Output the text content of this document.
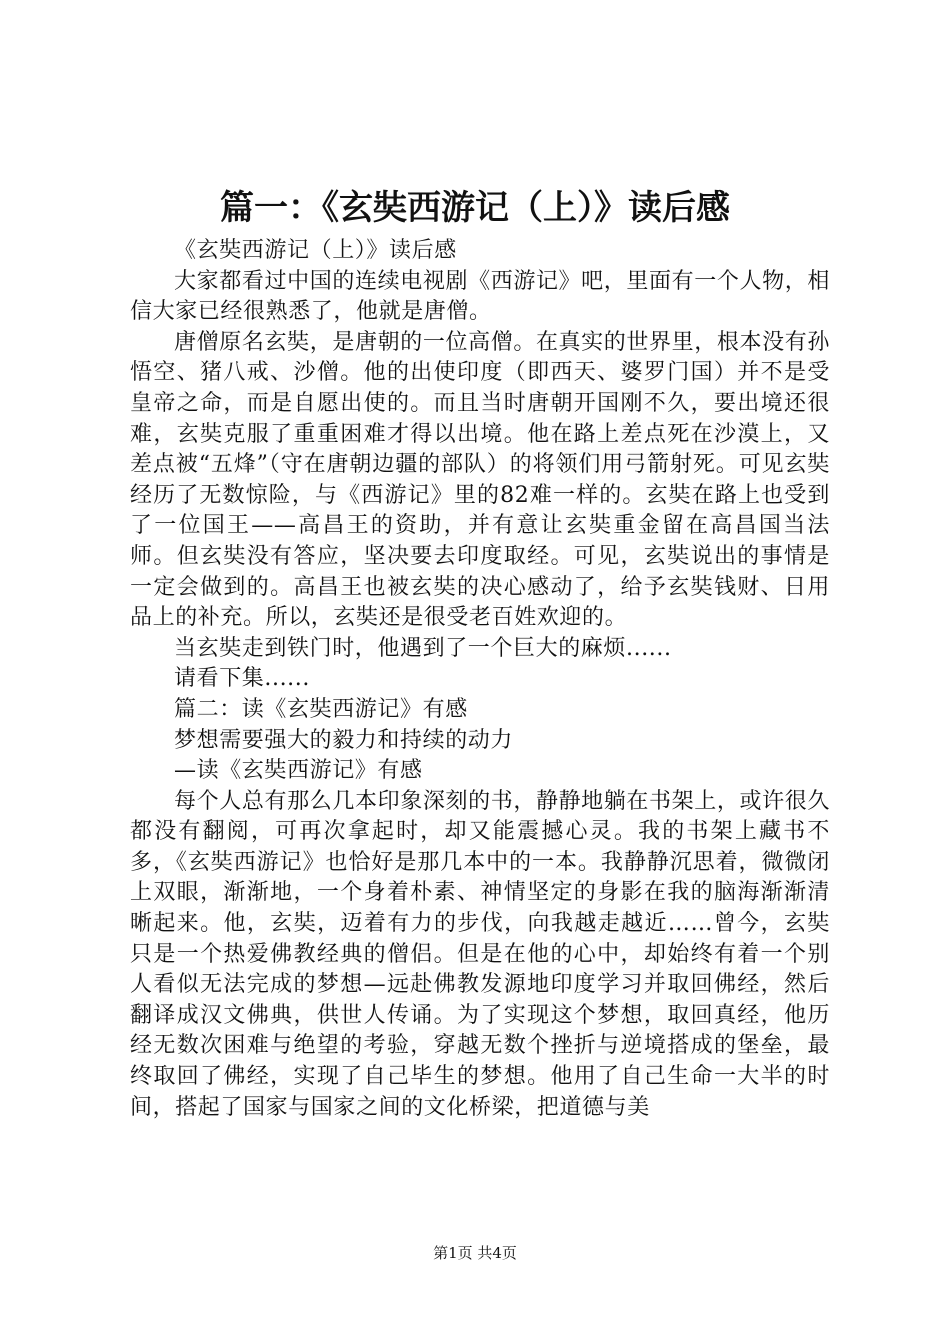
篇一：《玄奘西游记（上）》读后感

《玄奘西游记（上）》读后感

大家都看过中国的连续电视剧《西游记》吧，里面有一个人物，相信大家已经很熟悉了，他就是唐僧。

唐僧原名玄奘，是唐朝的一位高僧。在真实的世界里，根本没有孙悟空、猪八戒、沙僧。他的出使印度（即西天、婆罗门国）并不是受皇帝之命，而是自愿出使的。而且当时唐朝开国刚不久，要出境还很难，玄奘克服了重重困难才得以出境。他在路上差点死在沙漠上，又差点被“五烽”（守在唐朝边疆的部队）的将领们用弓箭射死。可见玄奘经历了无数惊险，与《西游记》里的82难一样的。玄奘在路上也受到了一位国王——高昌王的资助，并有意让玄奘重金留在高昌国当法师。但玄奘没有答应，坚决要去印度取经。可见，玄奘说出的事情是一定会做到的。高昌王也被玄奘的决心感动了，给予玄奘钱财、日用品上的补充。所以，玄奘还是很受老百姓欢迎的。

当玄奘走到铁门时，他遇到了一个巨大的麻烦......

请看下集......

篇二：读《玄奘西游记》有感

梦想需要强大的毅力和持续的动力

—读《玄奘西游记》有感

每个人总有那么几本印象深刻的书，静静地躺在书架上，或许很久都没有翻阅，可再次拿起时，却又能震撼心灵。我的书架上藏书不多，《玄奘西游记》也恰好是那几本中的一本。我静静沉思着，微微闭上双眼，渐渐地，一个身着朴素、神情坚定的身影在我的脑海渐渐清晰起来。他，玄奘，迈着有力的步伐，向我越走越近……曾今，玄奘只是一个热爱佛教经典的僧侣。但是在他的心中，却始终有着一个别人看似无法完成的梦想—远赴佛教发源地印度学习并取回佛经，然后翻译成汉文佛典，供世人传诵。为了实现这个梦想，取回真经，他历经无数次困难与绝望的考验，穿越无数个挫折与逆境搭成的堡垒，最终取回了佛经，实现了自己毕生的梦想。他用了自己生命一大半的时间，搭起了国家与国家之间的文化桥梁，把道德与美

第1页 共4页
